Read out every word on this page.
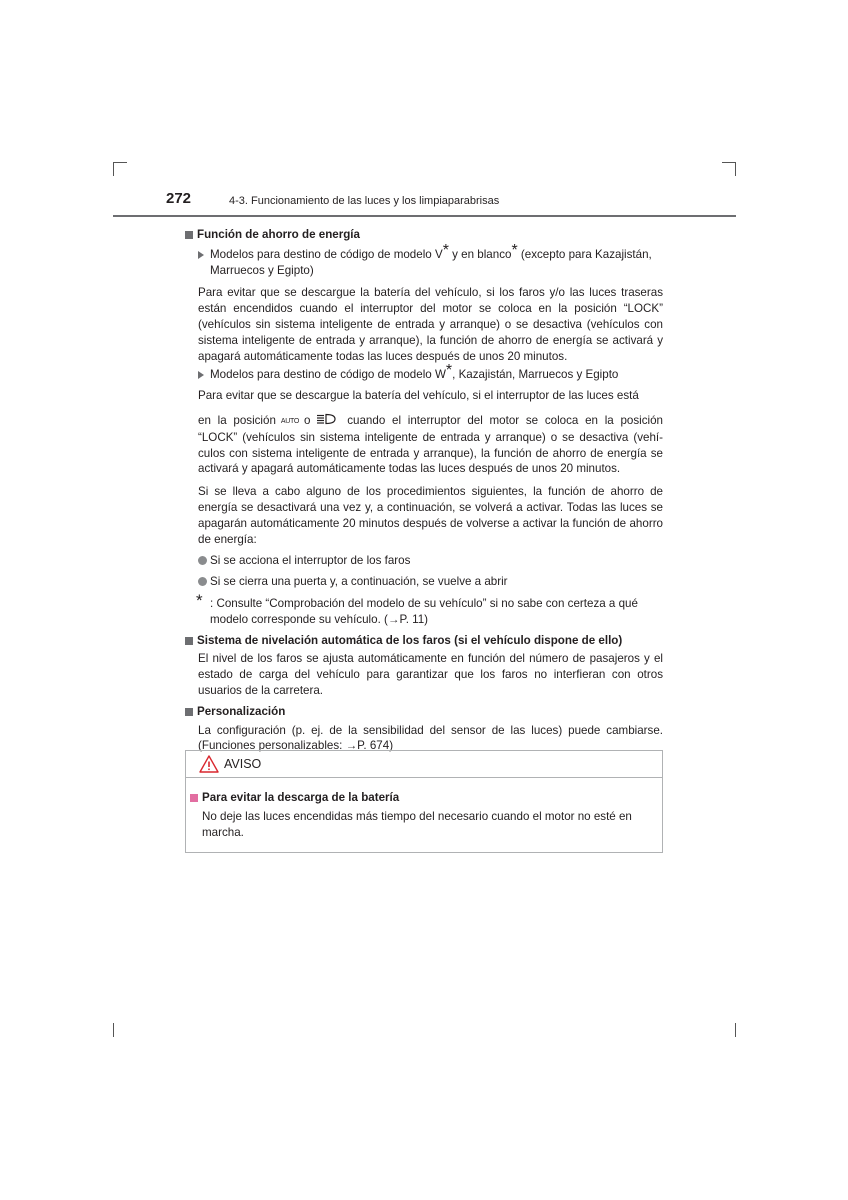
272	4-3. Funcionamiento de las luces y los limpiaparabrisas
Función de ahorro de energía
Modelos para destino de código de modelo V* y en blanco* (excepto para Kazajistán, Marruecos y Egipto)
Para evitar que se descargue la batería del vehículo, si los faros y/o las luces traseras están encendidos cuando el interruptor del motor se coloca en la posición “LOCK” (vehículos sin sistema inteligente de entrada y arranque) o se desactiva (vehículos con sistema inteligente de entrada y arranque), la función de ahorro de energía se activará y apagará automáticamente todas las luces después de unos 20 minutos.
Modelos para destino de código de modelo W*, Kazajistán, Marruecos y Egipto
Para evitar que se descargue la batería del vehículo, si el interruptor de las luces está
en la posición AUTO o	cuando el interruptor del motor se coloca en la posición “LOCK” (vehículos sin sistema inteligente de entrada y arranque) o se desactiva (vehículos con sistema inteligente de entrada y arranque), la función de ahorro de energía se activará y apagará automáticamente todas las luces después de unos 20 minutos.
Si se lleva a cabo alguno de los procedimientos siguientes, la función de ahorro de energía se desactivará una vez y, a continuación, se volverá a activar. Todas las luces se apagarán automáticamente 20 minutos después de volverse a activar la función de ahorro de energía:
Si se acciona el interruptor de los faros
Si se cierra una puerta y, a continuación, se vuelve a abrir
* : Consulte “Comprobación del modelo de su vehículo” si no sabe con certeza a qué modelo corresponde su vehículo. (→P. 11)
Sistema de nivelación automática de los faros (si el vehículo dispone de ello)
El nivel de los faros se ajusta automáticamente en función del número de pasajeros y el estado de carga del vehículo para garantizar que los faros no interfieran con otros usuarios de la carretera.
Personalización
La configuración (p. ej. de la sensibilidad del sensor de las luces) puede cambiarse. (Funciones personalizables: →P. 674)
AVISO
Para evitar la descarga de la batería
No deje las luces encendidas más tiempo del necesario cuando el motor no esté en marcha.
